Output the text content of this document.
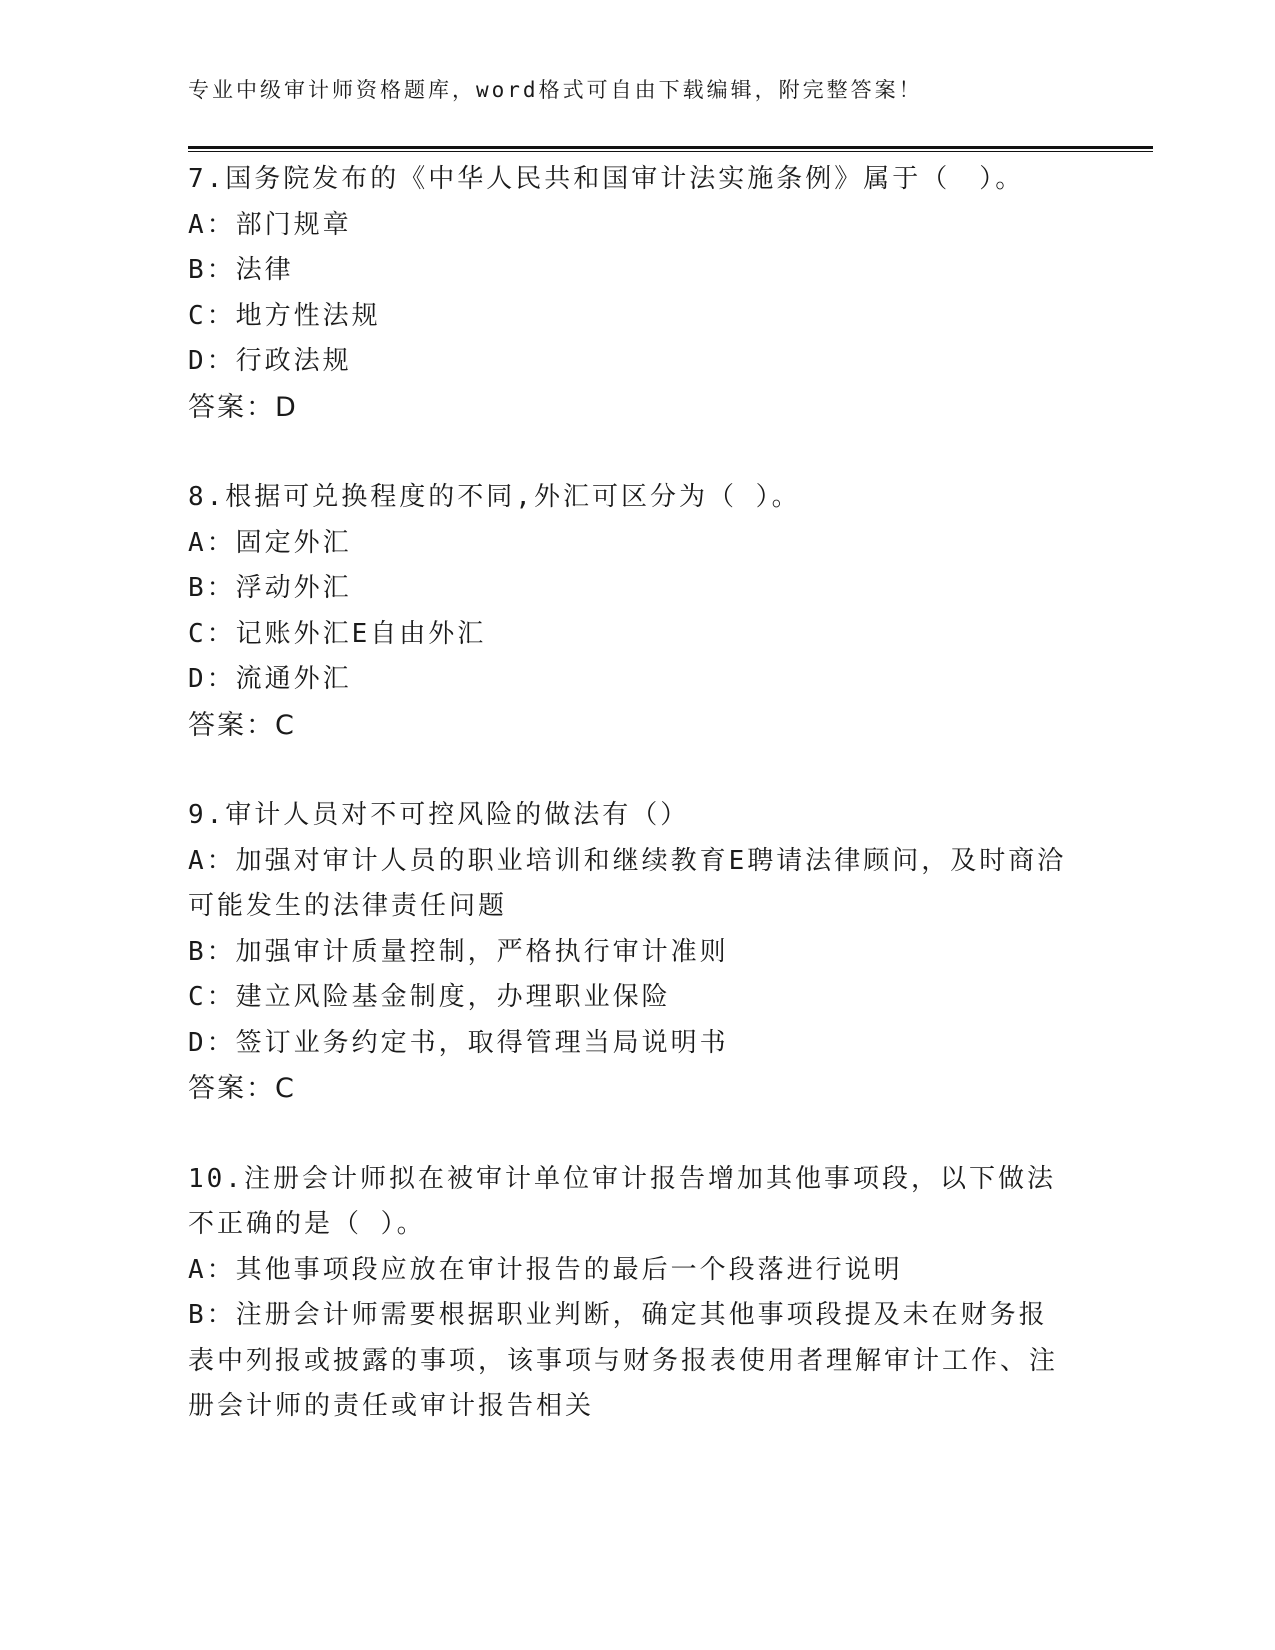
专业中级审计师资格题库，word格式可自由下载编辑，附完整答案！
7.国务院发布的《中华人民共和国审计法实施条例》属于（　）。
A：部门规章
B：法律
C：地方性法规
D：行政法规
答案：D
8.根据可兑换程度的不同,外汇可区分为（ ）。
A：固定外汇
B：浮动外汇
C：记账外汇E自由外汇
D：流通外汇
答案：C
9.审计人员对不可控风险的做法有（）
A：加强对审计人员的职业培训和继续教育E聘请法律顾问，及时商洽可能发生的法律责任问题
B：加强审计质量控制，严格执行审计准则
C：建立风险基金制度，办理职业保险
D：签订业务约定书，取得管理当局说明书
答案：C
10.注册会计师拟在被审计单位审计报告增加其他事项段，以下做法不正确的是（ ）。
A：其他事项段应放在审计报告的最后一个段落进行说明
B：注册会计师需要根据职业判断，确定其他事项段提及未在财务报表中列报或披露的事项，该事项与财务报表使用者理解审计工作、注册会计师的责任或审计报告相关
